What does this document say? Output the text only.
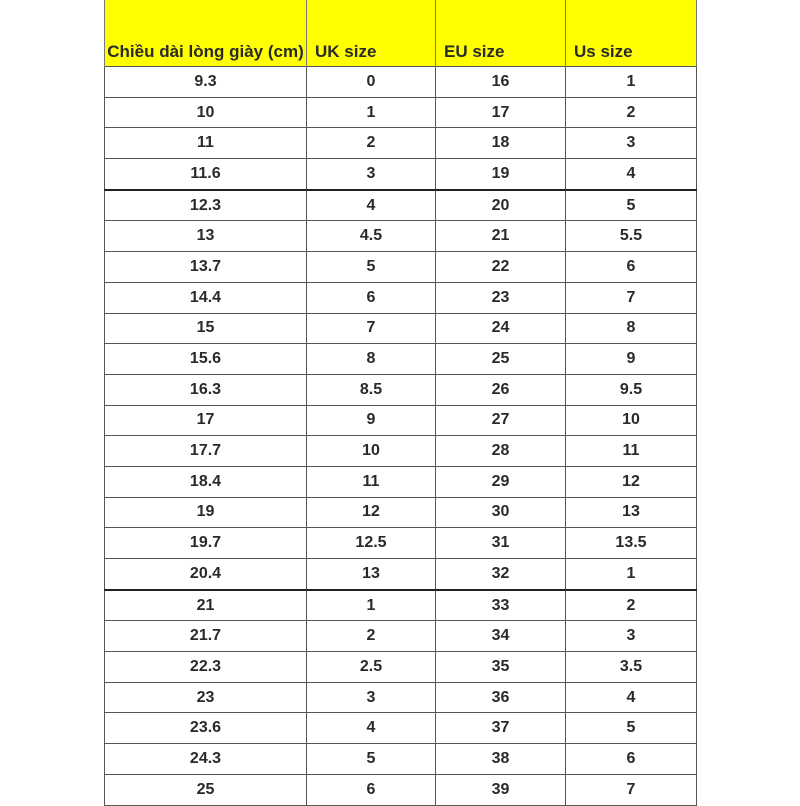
Chiều dài lòng giày (cm)	UK size	EU size	Us size
9.3	0	16	1
10	1	17	2
11	2	18	3
11.6	3	19	4
12.3	4	20	5
13	4.5	21	5.5
13.7	5	22	6
14.4	6	23	7
15	7	24	8
15.6	8	25	9
16.3	8.5	26	9.5
17	9	27	10
17.7	10	28	11
18.4	11	29	12
19	12	30	13
19.7	12.5	31	13.5
20.4	13	32	1
21	1	33	2
21.7	2	34	3
22.3	2.5	35	3.5
23	3	36	4
23.6	4	37	5
24.3	5	38	6
25	6	39	7
